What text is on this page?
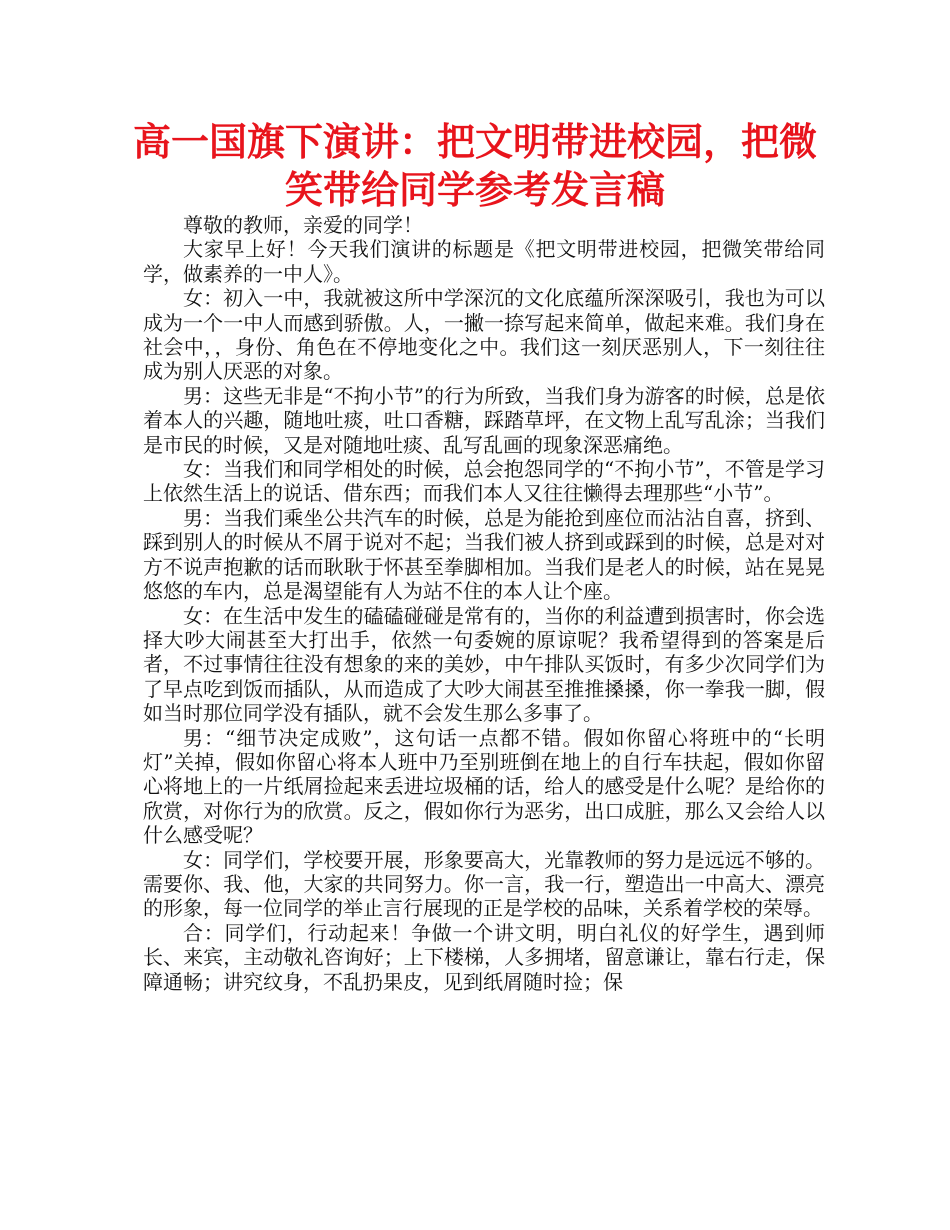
高一国旗下演讲：把文明带进校园，把微笑带给同学参考发言稿

尊敬的教师，亲爱的同学！

大家早上好！今天我们演讲的标题是《把文明带进校园，把微笑带给同学，做素养的一中人》。

女：初入一中，我就被这所中学深沉的文化底蕴所深深吸引，我也为可以成为一个一中人而感到骄傲。人，一撇一捺写起来简单，做起来难。我们身在社会中，，身份、角色在不停地变化之中。我们这一刻厌恶别人，下一刻往往成为别人厌恶的对象。

男：这些无非是“不拘小节”的行为所致，当我们身为游客的时候，总是依着本人的兴趣，随地吐痰，吐口香糖，踩踏草坪，在文物上乱写乱涂；当我们是市民的时候，又是对随地吐痰、乱写乱画的现象深恶痛绝。

女：当我们和同学相处的时候，总会抱怨同学的“不拘小节”，不管是学习上依然生活上的说话、借东西；而我们本人又往往懒得去理那些“小节”。

男：当我们乘坐公共汽车的时候，总是为能抢到座位而沾沾自喜，挤到、踩到别人的时候从不屑于说对不起；当我们被人挤到或踩到的时候，总是对对方不说声抱歉的话而耿耿于怀甚至拳脚相加。当我们是老人的时候，站在晃晃悠悠的车内，总是渴望能有人为站不住的本人让个座。

女：在生活中发生的磕磕碰碰是常有的，当你的利益遭到损害时，你会选择大吵大闹甚至大打出手，依然一句委婉的原谅呢？我希望得到的答案是后者，不过事情往往没有想象的来的美妙，中午排队买饭时，有多少次同学们为了早点吃到饭而插队，从而造成了大吵大闹甚至推推搡搡，你一拳我一脚，假如当时那位同学没有插队，就不会发生那么多事了。

男：“细节决定成败”，这句话一点都不错。假如你留心将班中的“长明灯”关掉，假如你留心将本人班中乃至别班倒在地上的自行车扶起，假如你留心将地上的一片纸屑捡起来丢进垃圾桶的话，给人的感受是什么呢？是给你的欣赏，对你行为的欣赏。反之，假如你行为恶劣，出口成脏，那么又会给人以什么感受呢？

女：同学们，学校要开展，形象要高大，光靠教师的努力是远远不够的。需要你、我、他，大家的共同努力。你一言，我一行，塑造出一中高大、漂亮的形象，每一位同学的举止言行展现的正是学校的品味，关系着学校的荣辱。

合：同学们，行动起来！争做一个讲文明，明白礼仪的好学生，遇到师长、来宾，主动敬礼咨询好；上下楼梯，人多拥堵，留意谦让，靠右行走，保障通畅；讲究纹身，不乱扔果皮，见到纸屑随时捡；保
